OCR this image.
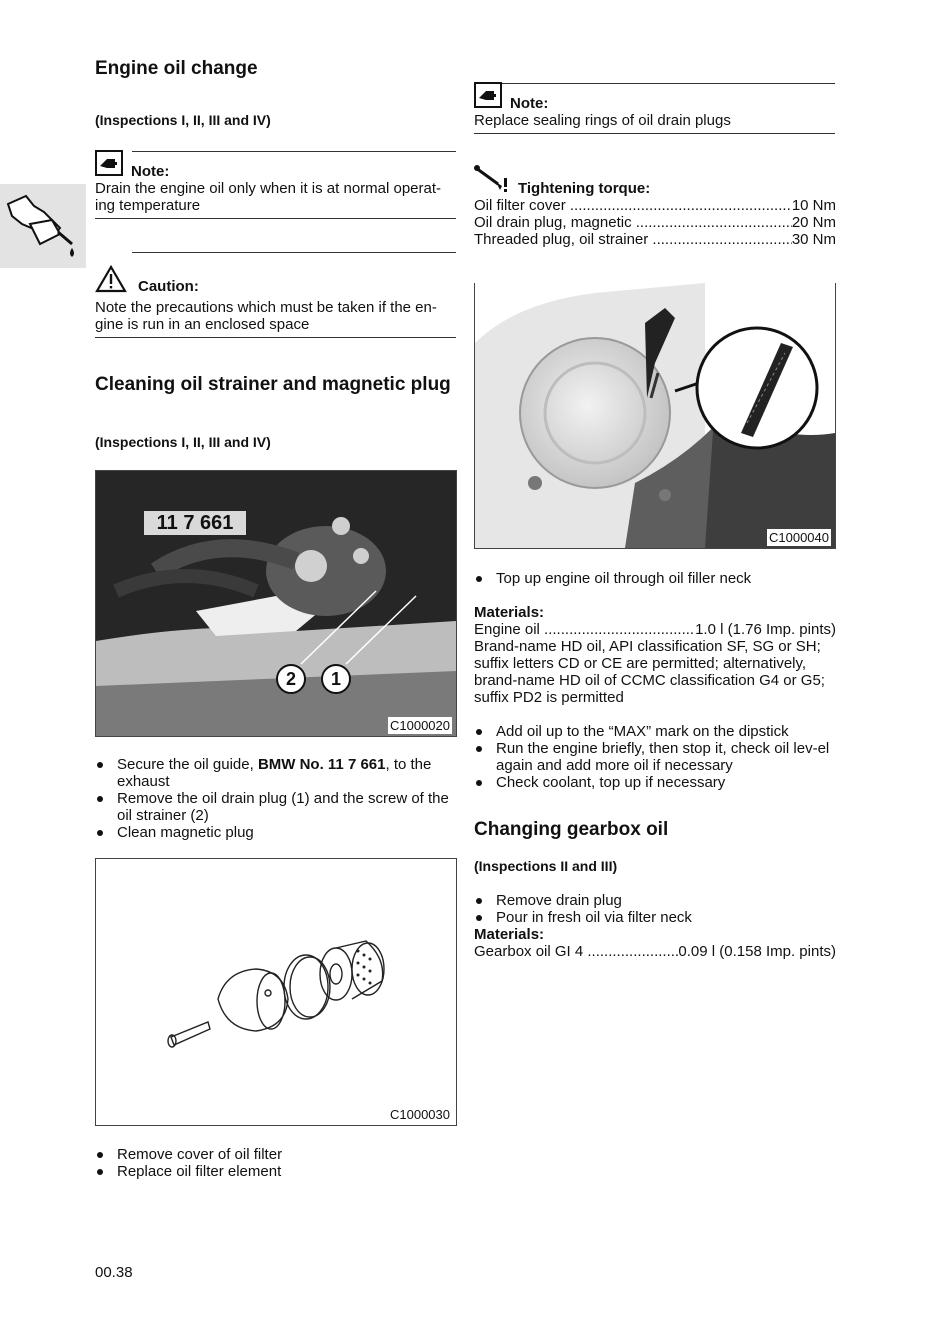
Engine oil change
(Inspections I, II, III and IV)
Note:
Drain the engine oil only when it is at normal operat-ing temperature
Caution:
Note the precautions which must be taken if the en-gine is run in an enclosed space
Cleaning oil strainer and magnetic plug
(Inspections I, II, III and IV)
11 7 661
2	1
C1000020
Secure the oil guide, BMW No. 11 7 661, to the exhaust
Remove the oil drain plug (1) and the screw of the oil strainer (2)
Clean magnetic plug
C1000030
Remove cover of oil filter
Replace oil filter element
00.38
Note:
Replace sealing rings of oil drain plugs
Tightening torque:
Oil filter cover .....	10 Nm
Oil drain plug, magnetic .....	20 Nm
Threaded plug, oil strainer .....	30 Nm
C1000040
Top up engine oil through oil filler neck
Materials:
Engine oil .....	1.0 l (1.76 Imp. pints)
Brand-name HD oil, API classification SF, SG or SH; suffix letters CD or CE are permitted; alternatively, brand-name HD oil of CCMC classification G4 or G5; suffix PD2 is permitted
Add oil up to the “MAX” mark on the dipstick
Run the engine briefly, then stop it, check oil lev-el again and add more oil if necessary
Check coolant, top up if necessary
Changing gearbox oil
(Inspections II and III)
Remove drain plug
Pour in fresh oil via filter neck
Materials:
Gearbox oil GI 4 .....	0.09 l (0.158 Imp. pints)
